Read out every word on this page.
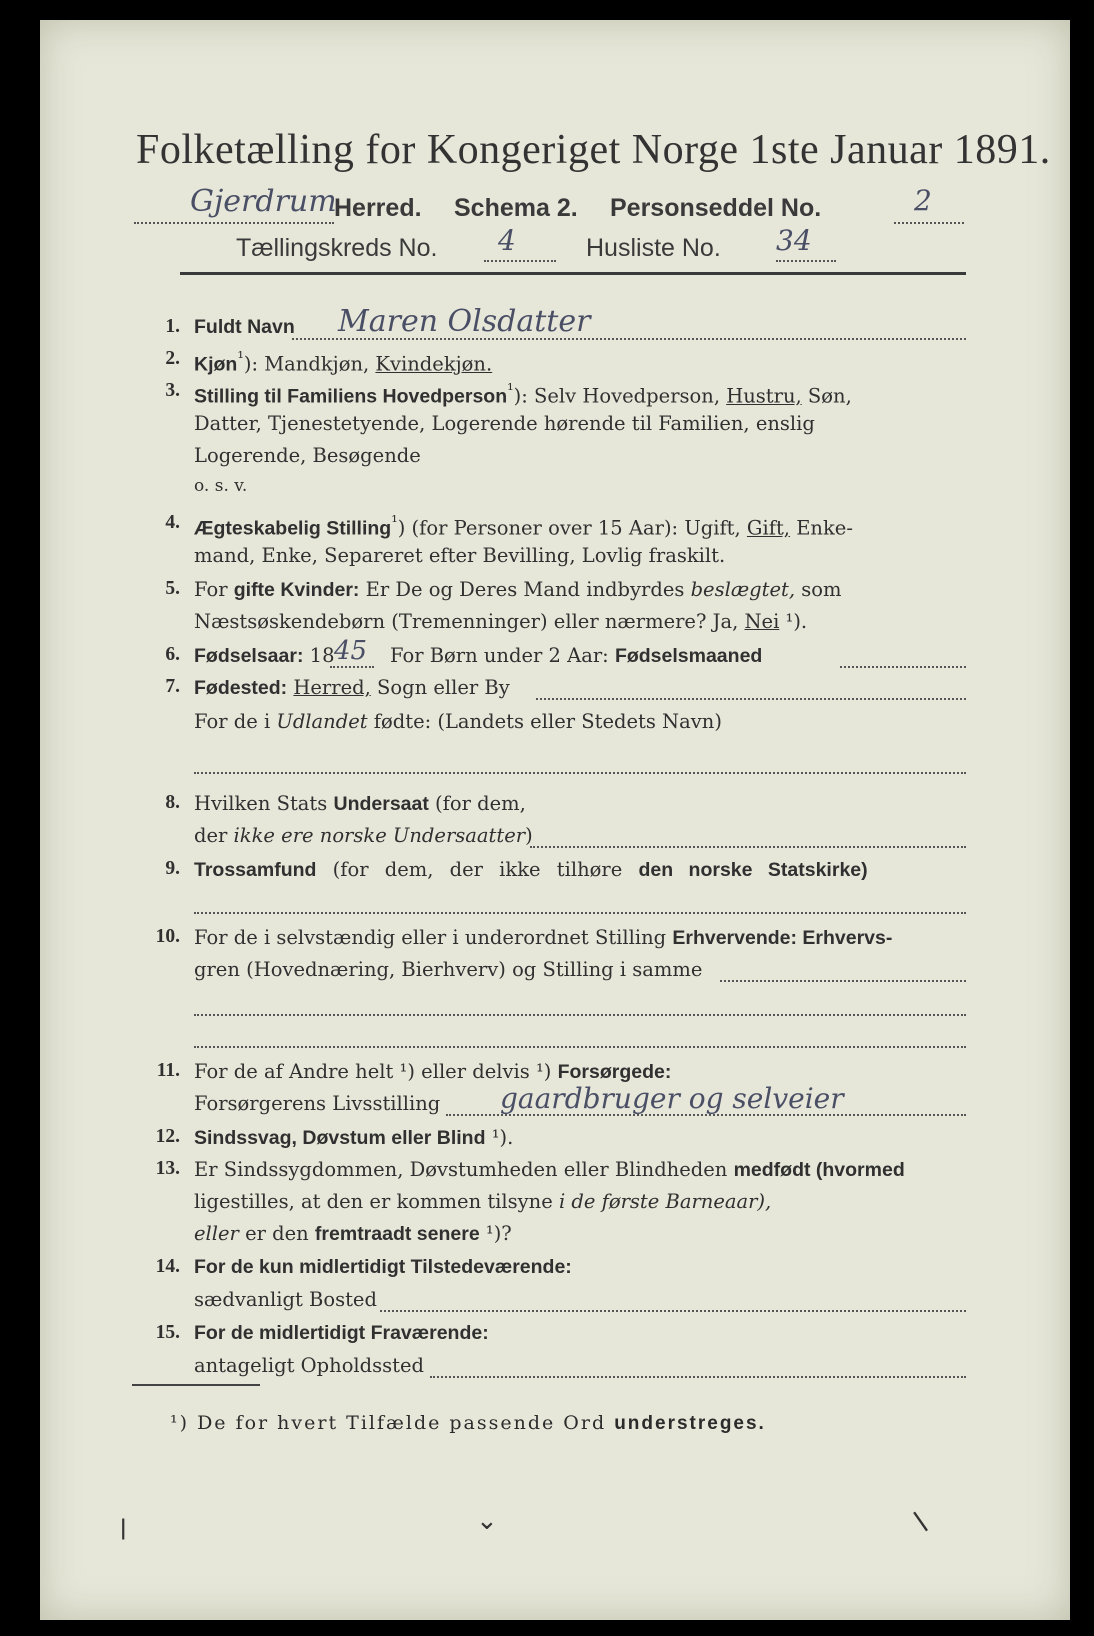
Folketælling for Kongeriget Norge 1ste Januar 1891.
Gjerdrum
Herred. Schema 2. Personseddel No.	2
Tællingskreds No. 4	Husliste No. 34
1. Fuldt Navn Maren Olsdatter
2. Kjøn$^{^1}$): Mandkjøn, Kvindekjøn.
3. Stilling til Familiens Hovedperson$^{^1}$): Selv Hovedperson, Hustru, Søn,
Datter, Tjenestetyende, Logerende hørende til Familien, enslig
Logerende, Besøgende
o. s. v.
4. Ægteskabelig Stilling$^{^1}$) (for Personer over 15 Aar): Ugift, Gift, Enke-
mand, Enke, Separeret efter Bevilling, Lovlig fraskilt.
5. For gifte Kvinder: Er De og Deres Mand indbyrdes beslægtet, som
Næstsøskendebørn (Tremenninger) eller nærmere? Ja, Nei ¹).
6. Fødselsaar: 18 45 For Børn under 2 Aar: Fødselsmaaned
7. Fødested: Herred, Sogn eller By
For de i Udlandet fødte: (Landets eller Stedets Navn)
8. Hvilken Stats Undersaat (for dem,
der ikke ere norske Undersaatter)
9. Trossamfund (for dem, der ikke tilhøre den norske Statskirke)
10. For de i selvstændig eller i underordnet Stilling Erhvervende: Erhvervs-
gren (Hovednæring, Bierhverv) og Stilling i samme
11. For de af Andre helt ¹) eller delvis ¹) Forsørgede:
Forsørgerens Livsstilling gaardbruger og selveier
12. Sindssvag, Døvstum eller Blind ¹).
13. Er Sindssygdommen, Døvstumheden eller Blindheden medfødt (hvormed
ligestilles, at den er kommen tilsyne i de første Barneaar),
eller er den fremtraadt senere ¹)?
14. For de kun midlertidigt Tilstedeværende:
sædvanligt Bosted
15. For de midlertidigt Fraværende:
antageligt Opholdssted
¹) De for hvert Tilfælde passende Ord understreges.
ǀ	⌄	ǀ
